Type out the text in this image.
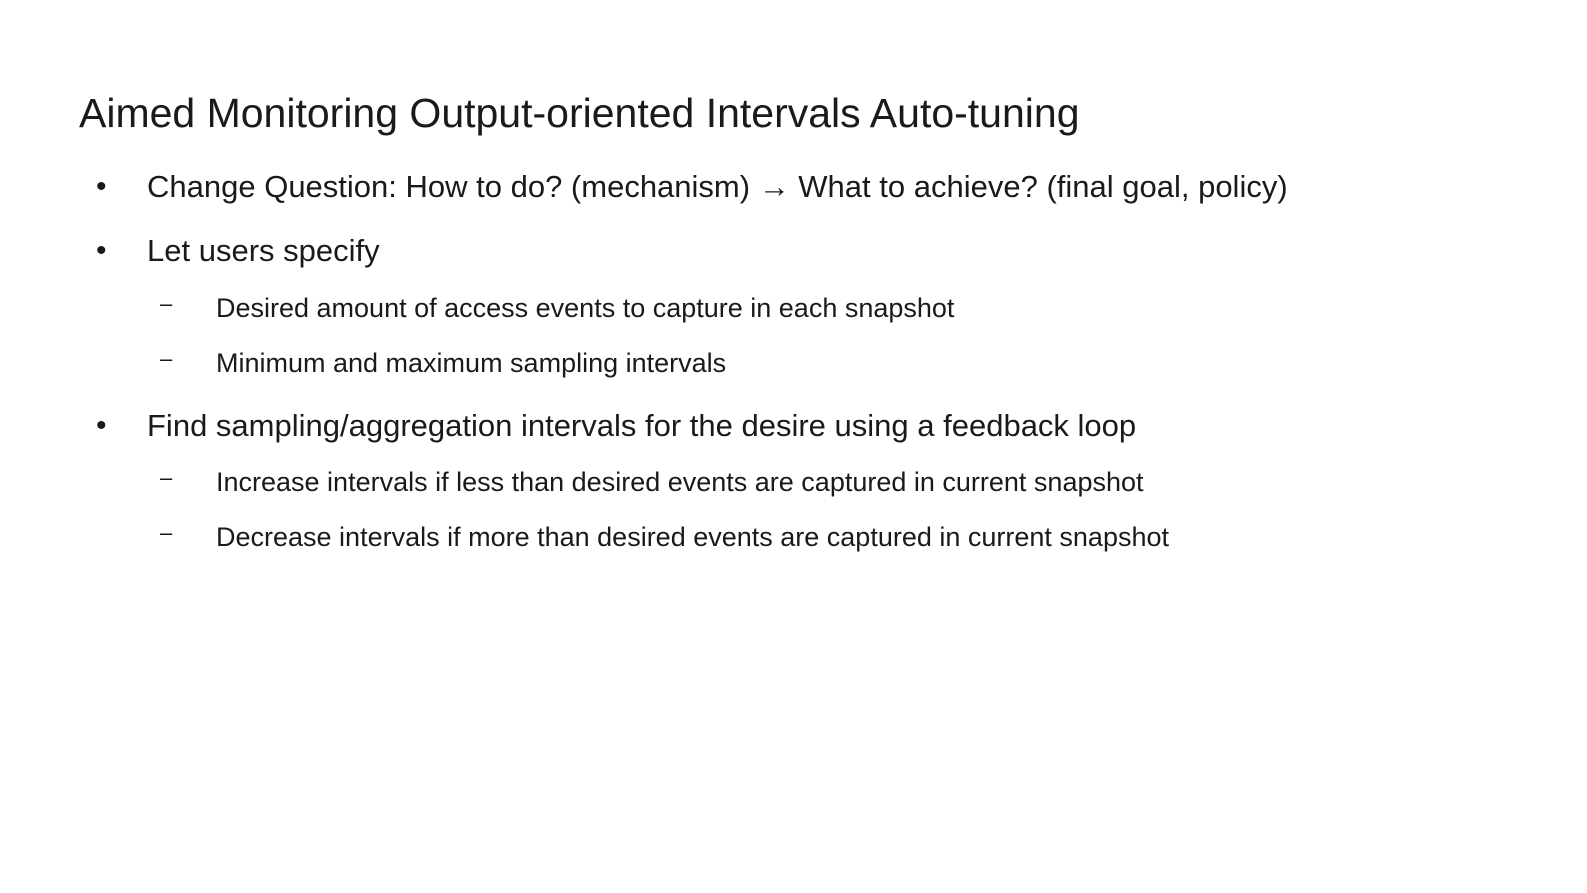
Aimed Monitoring Output-oriented Intervals Auto-tuning
• Change Question: How to do? (mechanism) → What to achieve? (final goal, policy)
• Let users specify
– Desired amount of access events to capture in each snapshot
– Minimum and maximum sampling intervals
• Find sampling/aggregation intervals for the desire using a feedback loop
– Increase intervals if less than desired events are captured in current snapshot
– Decrease intervals if more than desired events are captured in current snapshot
